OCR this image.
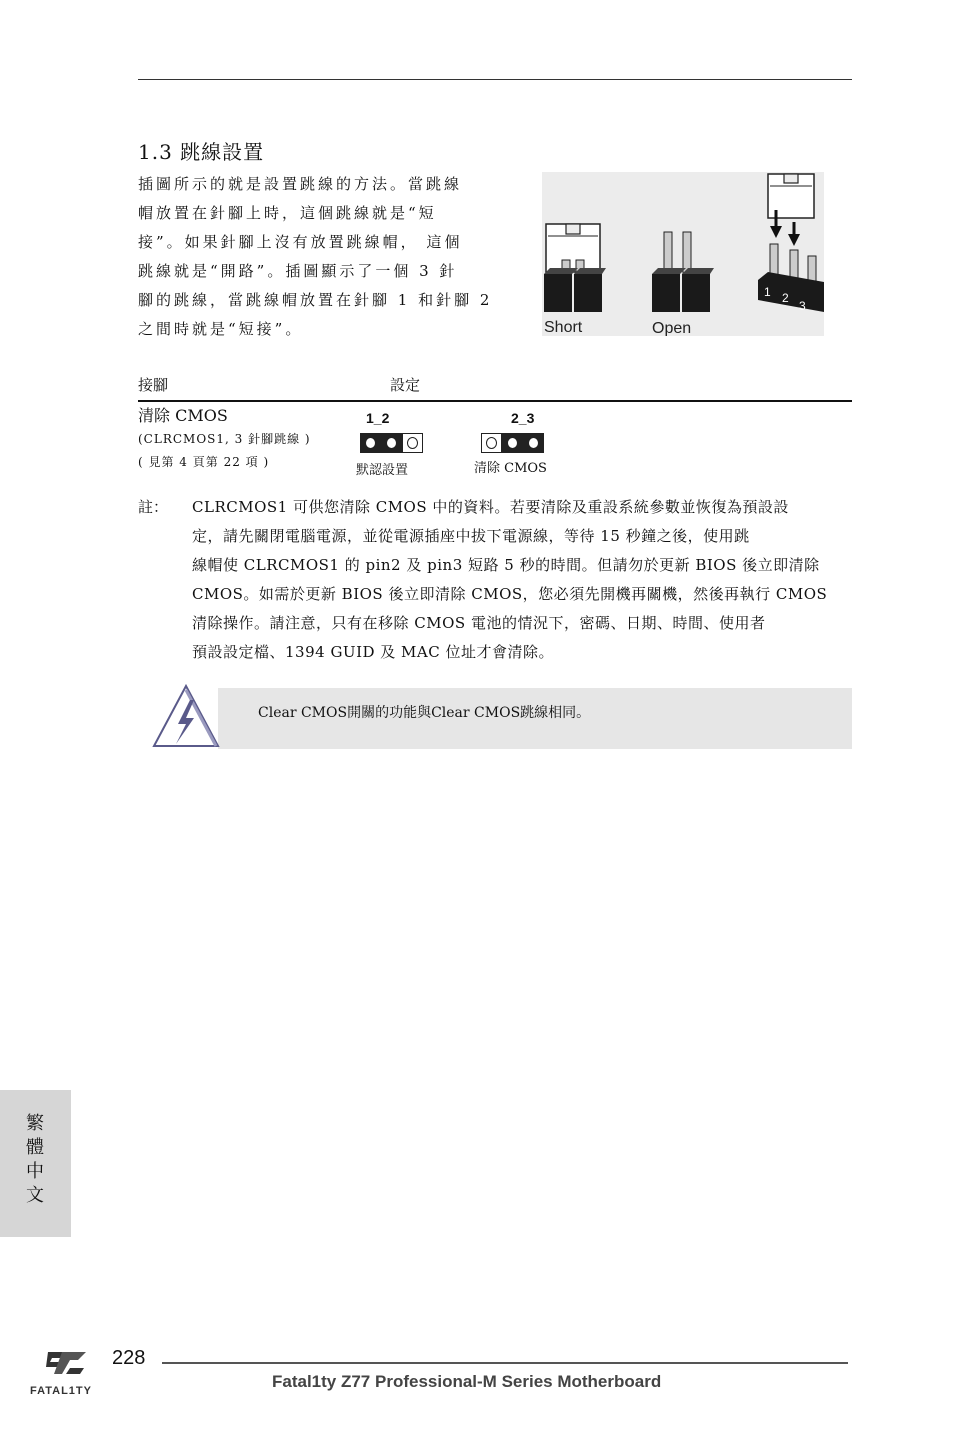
1.3 跳線設置
插圖所示的就是設置跳線的方法。當跳線
帽放置在針腳上時，這個跳線就是“短
接”。如果針腳上沒有放置跳線帽， 這個
跳線就是“開路”。插圖顯示了一個 3 針
腳的跳線，當跳線帽放置在針腳 1 和針腳 2
之間時就是“短接”。
1 2
3
Short	Open
接腳	設定
清除 CMOS
(CLRCMOS1, 3 針腳跳線 )
( 見第 4 頁第 22 項 )
1_2
默認設置
2_3
清除 CMOS
註： CLRCMOS1 可供您清除 CMOS 中的資料。若要清除及重設系統參數並恢復為預設設
定，請先關閉電腦電源，並從電源插座中拔下電源線，等待 15 秒鐘之後，使用跳
線帽使 CLRCMOS1 的 pin2 及 pin3 短路 5 秒的時間。但請勿於更新 BIOS 後立即清除
CMOS。如需於更新 BIOS 後立即清除 CMOS，您必須先開機再關機，然後再執行 CMOS
清除操作。請注意，只有在移除 CMOS 電池的情況下，密碼、日期、時間、使用者
預設設定檔、1394 GUID 及 MAC 位址才會清除。
Clear CMOS開關的功能與Clear CMOS跳線相同。
繁
體
中
文
FATAL1TY
228
Fatal1ty Z77 Professional-M Series Motherboard
